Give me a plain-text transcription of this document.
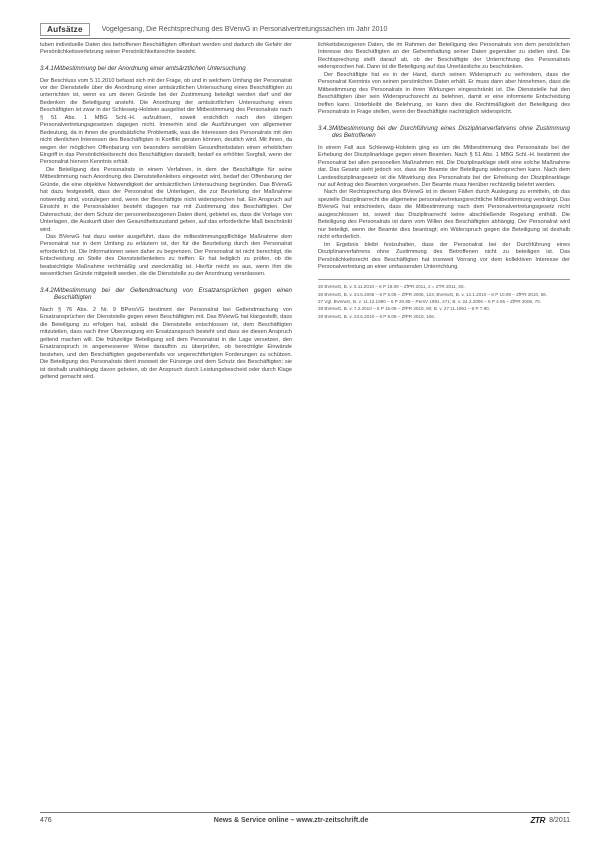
Aufsätze	Vogelgesang, Die Rechtsprechung des BVerwG in Personalvertretungssachen im Jahr 2010

tuben individuelle Daten des betroffenen Beschäftigten offenbart werden und dadurch die Gefahr der Persönlichkeitsverletzung seiner Persönlichkeitsrechte besteht.

3.4.1Mitbestimmung bei der Anordnung einer amtsärztlichen Untersuchung

Der Beschluss vom 5.11.2010 befasst sich mit der Frage, ob und in welchem Umfang der Personalrat vor der Dienststelle über die Anordnung einer amtsärztlichen Untersuchung eines Beschäftigten zu unterrichten ist, wenn es um deren Gründe bei der Zustimmung beteiligt werden darf und der Bedenken die Beteiligung ansteht. Die Anordnung der amtsärztlichen Untersuchung eines Beschäftigten ist zwar in der Schleswig-Holstein ausgelöst der Mitbestimmung des Personalrats nach § 51 Abs. 1 MBG Schl.-H. aufzulösen, soweit ersichtlich nach den übrigen Personalvertretungsgesetzen dagegen nicht. Immerhin sind die Ausführungen von allgemeiner Bedeutung, da in ihnen die grundsätzliche Problematik, was die Interessen des Personalrats mit den nicht dienlichen Interessen des Beschäftigten in Konflikt geraten können, deutlich wird. Mit ihnen, da wegen der möglichen Offenbarung von besonders sensiblen Gesundheitsdaten einen erheblichen Eingriff in das Persönlichkeitsrecht des Beschäftigten darstellt, bedarf es erhöhter Sorgfalt, wenn der Personalrat hiervon Kenntnis erhält.

Die Beteiligung des Personalrats in einem Verfahren, in dem der Beschäftigte für seine Mitbestimmung nach Anordnung des Dienststellenleiters eingesetzt wird, bedarf der Offenbarung der Gründe, die eine objektive Notwendigkeit der amtsärztlichen Untersuchung begründen. Das BVerwG hat dazu festgestellt, dass der Personalrat die Unterlagen, die zur Beurteilung der Maßnahme notwendig sind, vorzulegen sind, wenn der Beschäftigte nicht widersprochen hat. Ein Anspruch auf Einsicht in die Personalakten besteht dagegen nur mit Zustimmung des Beschäftigten. Der Datenschutz, der dem Schutz der personenbezogenen Daten dient, gebietet es, dass die Vorlage von Unterlagen, die Auskunft über den Gesundheitszustand geben, auf das erforderliche Maß beschränkt wird.

Das BVerwG hat dazu weiter ausgeführt, dass die mitbestimmungspflichtige Maßnahme dem Personalrat nur in dem Umfang zu erläutern ist, der für die Beurteilung durch den Personalrat erforderlich ist. Die Informationen seien daher zu begrenzen. Der Personalrat ist nicht berechtigt, die Entscheidung an Stelle des Dienststellenleiters zu treffen. Er hat lediglich zu prüfen, ob die beabsichtigte Maßnahme rechtmäßig und zweckmäßig ist. Hierfür reicht es aus, wenn ihm die wesentlichen Gründe mitgeteilt werden, die die Dienststelle zu der Anordnung veranlassen.

3.4.2Mitbestimmung bei der Geltendmachung von Ersatzansprüchen gegen einen Beschäftigten

Nach § 76 Abs. 2 Nr. 9 BPersVG bestimmt der Personalrat bei Geltendmachung von Ersatzansprüchen der Dienststelle gegen einen Beschäftigten mit. Das BVerwG hat klargestellt, dass die Beteiligung zu erfolgen hat, sobald die Dienststelle entschlossen ist, dem Beschäftigten mitzuteilen, dass nach ihrer Überzeugung ein Ersatzanspruch besteht und dass sie diesen Anspruch geltend machen will. Die frühzeitige Beteiligung soll dem Personalrat in die Lage versetzen, den Ersatzanspruch in angemessener Weise daraufhin zu überprüfen, ob berechtigte Einwände bestehen, und den Beschäftigten gegebenenfalls vor ungerechtfertigten Forderungen zu schützen. Die Beteiligung des Personalrats dient insoweit der Fürsorge und dem Schutz des Beschäftigten; sie ist deshalb unabhängig davon geboten, ob der Anspruch durch Leistungsbescheid oder durch Klage geltend gemacht wird.

lichkeitsbezogenen Daten, die im Rahmen der Beteiligung des Personalrats von dem persönlichen Interesse des Beschäftigten an der Geheimhaltung seiner Daten gegenüber zu stellen sind. Die Rechtsprechung stellt darauf ab, ob der Beschäftigte der Unterrichtung des Personalrats widersprochen hat. Dann ist die Beteiligung auf das Unerlässliche zu beschränken.

Der Beschäftigte hat es in der Hand, durch seinen Widerspruch zu verhindern, dass der Personalrat Kenntnis von seinen persönlichen Daten erhält. Er muss dann aber hinnehmen, dass die Mitbestimmung des Personalrats in ihren Wirkungen eingeschränkt ist. Die Dienststelle hat den Beschäftigten über sein Widerspruchsrecht zu belehren, damit er eine informierte Entscheidung treffen kann. Unterbleibt die Belehrung, so kann dies die Rechtmäßigkeit der Beteiligung des Personalrats in Frage stellen, wenn der Beschäftigte nachträglich widerspricht.

3.4.3Mitbestimmung bei der Durchführung eines Disziplinarverfahrens ohne Zustimmung des Betroffenen

In einem Fall aus Schleswig-Holstein ging es um die Mitbestimmung des Personalrats bei der Erhebung der Disziplinarklage gegen einen Beamten. Nach § 51 Abs. 1 MBG Schl.-H. bestimmt der Personalrat bei allen personellen Maßnahmen mit. Die Disziplinarklage stellt eine solche Maßnahme dar. Das Gesetz sieht jedoch vor, dass der Beamte der Beteiligung widersprechen kann. Nach dem Landesdisziplinargesetz ist die Mitwirkung des Personalrats bei der Erhebung der Disziplinarklage nur auf Antrag des Beamten vorgesehen. Der Beamte muss hierüber rechtzeitig belehrt werden.

Nach der Rechtsprechung des BVerwG ist in diesen Fällen durch Auslegung zu ermitteln, ob das spezielle Disziplinarrecht die allgemeine personalvertretungsrechtliche Mitbestimmung verdrängt. Das BVerwG hat entschieden, dass die Mitbestimmung nach dem Personalvertretungsgesetz nicht ausgeschlossen ist, soweit das Disziplinarrecht keine abschließende Regelung enthält. Die Beteiligung des Personalrats ist dann vom Willen des Beschäftigten abhängig. Der Personalrat wird nur beteiligt, wenn der Beamte dies beantragt; ein Widerspruch gegen die Beteiligung ist deshalb nicht erforderlich.

Im Ergebnis bleibt festzuhalten, dass der Personalrat bei der Durchführung eines Disziplinarverfahrens ohne Zustimmung des Betroffenen nicht zu beteiligen ist. Das Persönlichkeitsrecht des Beschäftigten hat insoweit Vorrang vor dem kollektiven Interesse der Personalvertretung an einer umfassenden Unterrichtung.

25 BVerwG, B. v. 5.11.2010 – 6 P 18.09 – ZfPR 2011, 2 = ZTR 2011, 65.
26 BVerwG, B. v. 24.5.2006 – 6 P 5.05 – ZfPR 2006, 124; BVerwG, B. v. 14.1.2010 – 6 P 10.09 – ZfPR 2010, 66.
27 Vgl. BVerwG, B. v. 11.12.1990 – 6 P 20.88 – PersV 1991, 271; B. v. 24.2.2006 – 6 P 4.05 – ZfPR 2006, 70.
28 BVerwG, B. v. 7.2.2010 – 6 P 15.09 – ZfPR 2010, 80; B. v. 27.11.1991 – 6 P 7.90.
29 BVerwG, B. v. 23.6.2010 – 6 P 8.09 – ZfPR 2010, 106.
476	News & Service online – www.ztr-zeitschrift.de	ZTR 8/2011
